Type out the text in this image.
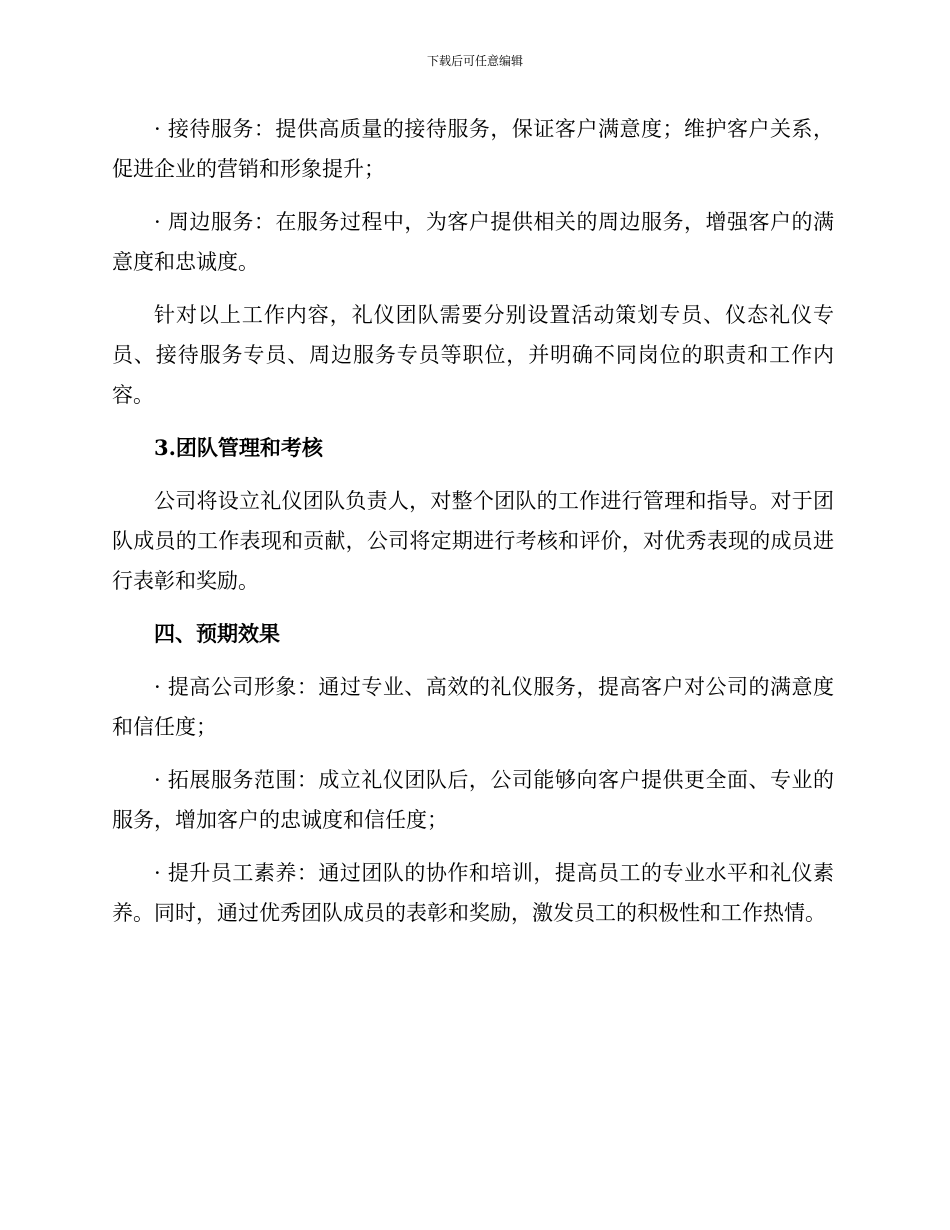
下载后可任意编辑

· 接待服务：提供高质量的接待服务，保证客户满意度；维护客户关系，促进企业的营销和形象提升；

· 周边服务：在服务过程中，为客户提供相关的周边服务，增强客户的满意度和忠诚度。

针对以上工作内容，礼仪团队需要分别设置活动策划专员、仪态礼仪专员、接待服务专员、周边服务专员等职位，并明确不同岗位的职责和工作内容。

3.团队管理和考核

公司将设立礼仪团队负责人，对整个团队的工作进行管理和指导。对于团队成员的工作表现和贡献，公司将定期进行考核和评价，对优秀表现的成员进行表彰和奖励。

四、预期效果

· 提高公司形象：通过专业、高效的礼仪服务，提高客户对公司的满意度和信任度；

· 拓展服务范围：成立礼仪团队后，公司能够向客户提供更全面、专业的服务，增加客户的忠诚度和信任度；

· 提升员工素养：通过团队的协作和培训，提高员工的专业水平和礼仪素养。同时，通过优秀团队成员的表彰和奖励，激发员工的积极性和工作热情。
